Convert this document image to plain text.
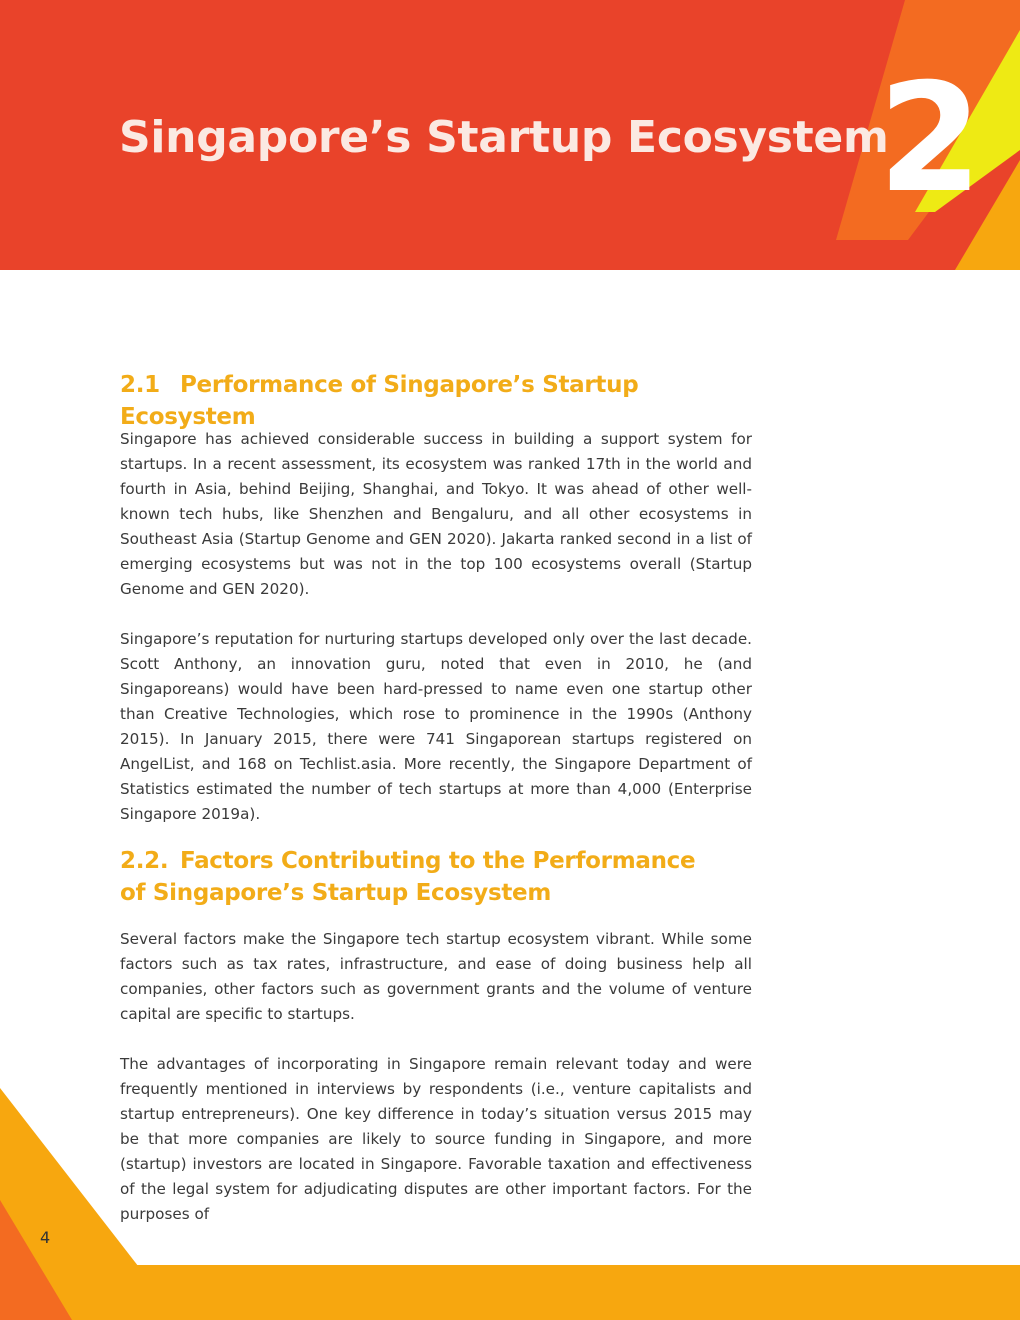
Singapore’s Startup Ecosystem
2
2.1 Performance of Singapore’s Startup Ecosystem

Singapore has achieved considerable success in building a support system for startups. In a recent assessment, its ecosystem was ranked 17th in the world and fourth in Asia, behind Beijing, Shanghai, and Tokyo. It was ahead of other well-known tech hubs, like Shenzhen and Bengaluru, and all other ecosystems in Southeast Asia (Startup Genome and GEN 2020). Jakarta ranked second in a list of emerging ecosystems but was not in the top 100 ecosystems overall (Startup Genome and GEN 2020).

Singapore’s reputation for nurturing startups developed only over the last decade. Scott Anthony, an innovation guru, noted that even in 2010, he (and Singaporeans) would have been hard-pressed to name even one startup other than Creative Technologies, which rose to prominence in the 1990s (Anthony 2015). In January 2015, there were 741 Singaporean startups registered on AngelList, and 168 on Techlist.asia. More recently, the Singapore Department of Statistics estimated the number of tech startups at more than 4,000 (Enterprise Singapore 2019a).

2.2. Factors Contributing to the Performance
of Singapore’s Startup Ecosystem

Several factors make the Singapore tech startup ecosystem vibrant. While some factors such as tax rates, infrastructure, and ease of doing business help all companies, other factors such as government grants and the volume of venture capital are specific to startups.

The advantages of incorporating in Singapore remain relevant today and were frequently mentioned in interviews by respondents (i.e., venture capitalists and startup entrepreneurs). One key difference in today’s situation versus 2015 may be that more companies are likely to source funding in Singapore, and more (startup) investors are located in Singapore. Favorable taxation and effectiveness of the legal system for adjudicating disputes are other important factors. For the purposes of

4
